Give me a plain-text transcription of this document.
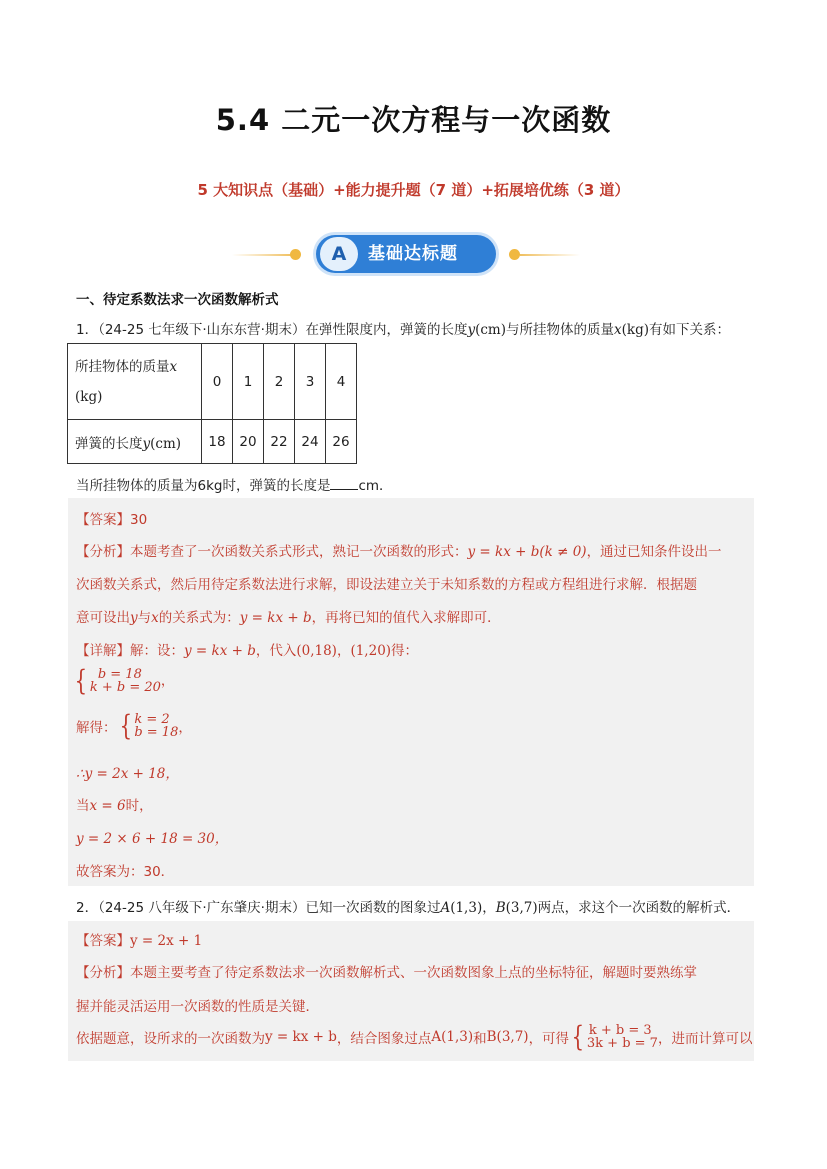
5.4 二元一次方程与一次函数
5 大知识点（基础）+能力提升题（7 道）+拓展培优练（3 道）
A	基础达标题
一、待定系数法求一次函数解析式
1．（24-25 七年级下·山东东营·期末）在弹性限度内，弹簧的长度y(cm)与所挂物体的质量x(kg)有如下关系：
所挂物体的质量x
(kg)	0	1	2	3	4
弹簧的长度y(cm)	18	20	22	24	26
当所挂物体的质量为6kg时，弹簧的长度是 cm．
【答案】30
【分析】本题考查了一次函数关系式形式，熟记一次函数的形式：y = kx + b(k ≠ 0)，通过已知条件设出一
次函数关系式，然后用待定系数法进行求解，即设法建立关于未知系数的方程或方程组进行求解．根据题
意可设出y与x的关系式为：y = kx + b，再将已知的值代入求解即可．
【详解】解：设：y = kx + b，代入(0,18)，(1,20)得：
{ b = 18
k + b = 20 ，
解得：{ k = 2
b = 18 ，
∴y = 2x + 18，
当x = 6时，
y = 2 × 6 + 18 = 30，
故答案为：30．
2．（24-25 八年级下·广东肇庆·期末）已知一次函数的图象过A(1,3)，B(3,7)两点，求这个一次函数的解析式．
【答案】y = 2x + 1
【分析】本题主要考查了待定系数法求一次函数解析式、一次函数图象上点的坐标特征，解题时要熟练掌
握并能灵活运用一次函数的性质是关键．
依据题意，设所求的一次函数为y = kx + b，结合图象过点A(1,3)和B(3,7)，可得{ k + b = 3
3k + b = 7 ，进而计算可以
